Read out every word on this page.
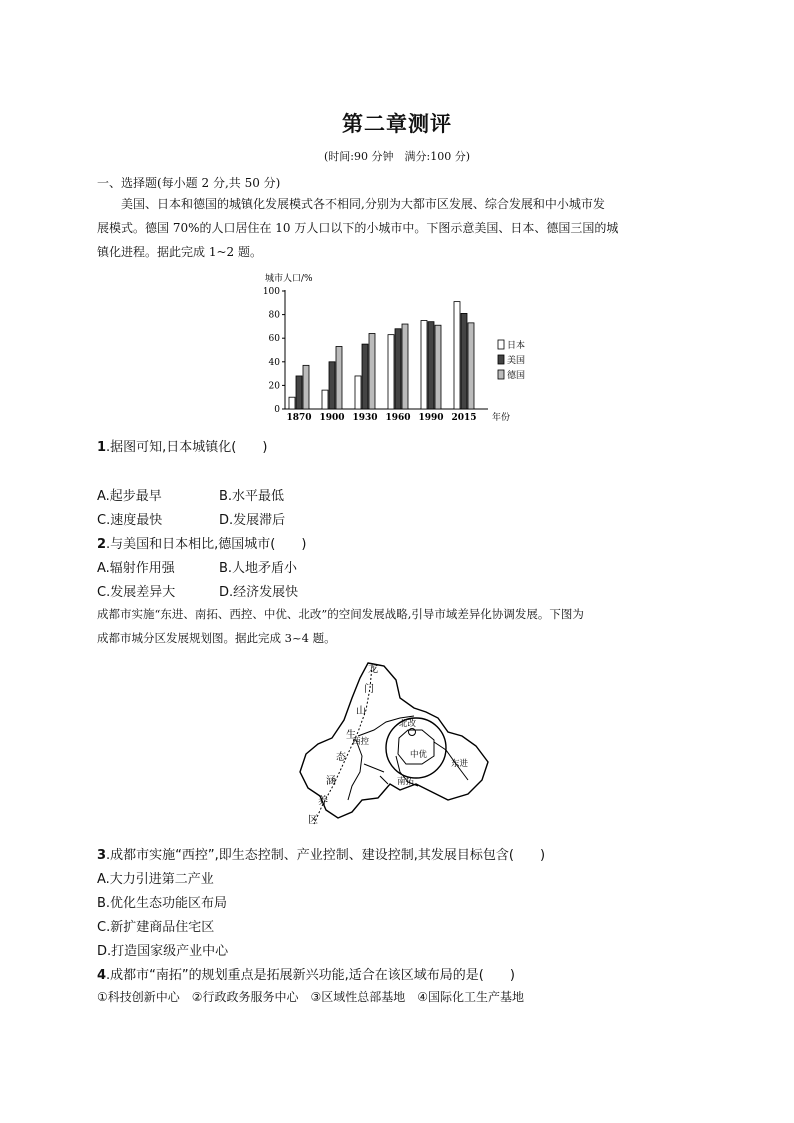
第二章测评
(时间:90 分钟　满分:100 分)
一、选择题(每小题 2 分,共 50 分)
美国、日本和德国的城镇化发展模式各不相同,分别为大都市区发展、综合发展和中小城市发
展模式。德国 70%的人口居住在 10 万人口以下的小城市中。下图示意美国、日本、德国三国的城
镇化进程。据此完成 1~2 题。
城市人口/%
0
20
40
60
80
100
1870 1900 1930 1960 1990 2015 年份
日本
美国
德国
1.据图可知,日本城镇化(　　)
A.起步最早	B.水平最低
C.速度最快	D.发展滞后
2.与美国和日本相比,德国城市(　　)
A.辐射作用强	B.人地矛盾小
C.发展差异大	D.经济发展快
成都市实施“东进、南拓、西控、中优、北改”的空间发展战略,引导市域差异化协调发展。下图为
成都市城分区发展规划图。据此完成 3~4 题。
北改
西控
中优
东进
南拓
龙
门
山
生
态
涵
养
区
3.成都市实施“西控”,即生态控制、产业控制、建设控制,其发展目标包含(　　)
A.大力引进第二产业
B.优化生态功能区布局
C.新扩建商品住宅区
D.打造国家级产业中心
4.成都市“南拓”的规划重点是拓展新兴功能,适合在该区域布局的是(　　)
①科技创新中心　②行政政务服务中心　③区域性总部基地　④国际化工生产基地
